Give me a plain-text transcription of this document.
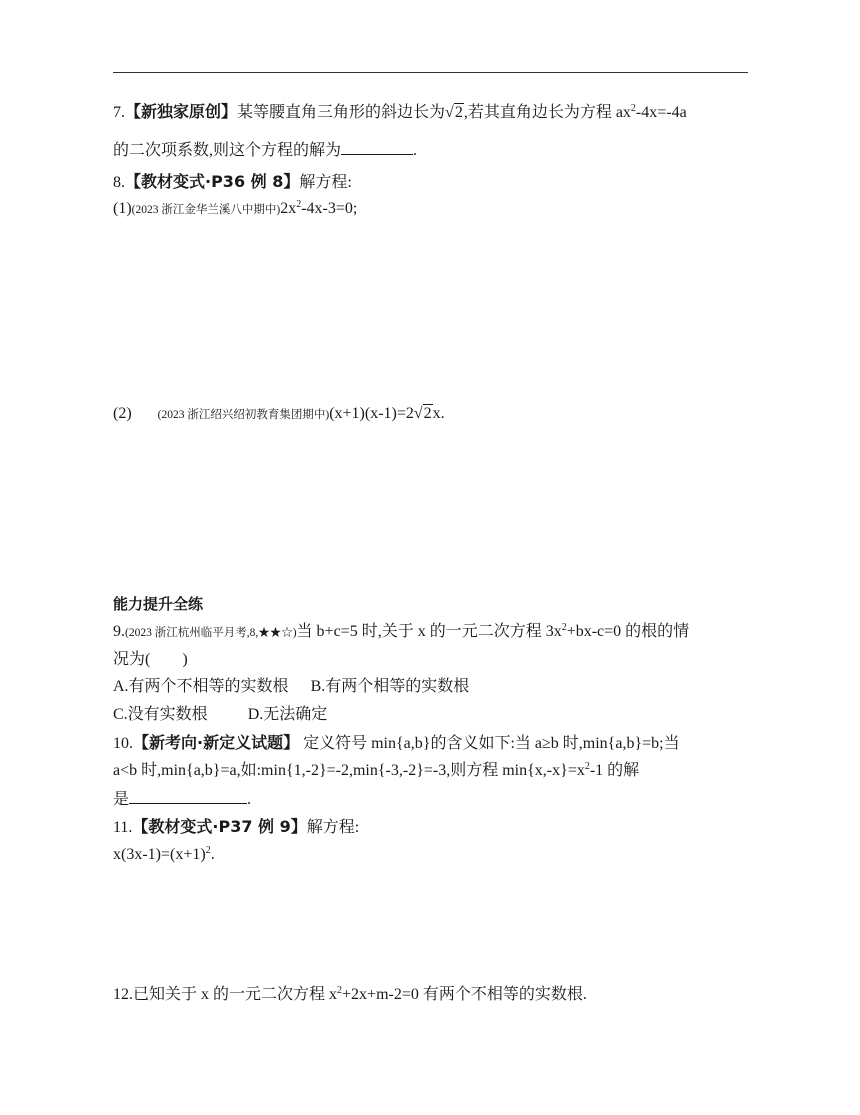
7.【新独家原创】某等腰直角三角形的斜边长为√2,若其直角边长为方程 $ax^2-4x=-4a$
的二次项系数,则这个方程的解为	.
8.【教材变式·P36 例 8】解方程:
(1)(2023 浙江金华兰溪八中期中)$2x^2-4x-3=0$;
(2) (2023 浙江绍兴绍初教育集团期中)(x+1)(x-1)=2√2x.
能力提升全练
9.(2023 浙江杭州临平月考,8,★★☆)当 b+c=5 时,关于 x 的一元二次方程 $3x^2+bx-c=0$ 的根的情
况为(　　)
A.有两个不相等的实数根 B.有两个相等的实数根
C.没有实数根	D.无法确定
10.【新考向·新定义试题】 定义符号 min{a,b}的含义如下:当 a≥b 时,min{a,b}=b;当
a<b 时,min{a,b}=a,如:min{1,-2}=-2,min{-3,-2}=-3,则方程 $\min\{x,-x\}=x^2-1$ 的解
是	.
11.【教材变式·P37 例 9】解方程:
$x(3x-1)=(x+1)^2$.
12.已知关于 x 的一元二次方程 $x^2+2x+m-2=0$ 有两个不相等的实数根.
